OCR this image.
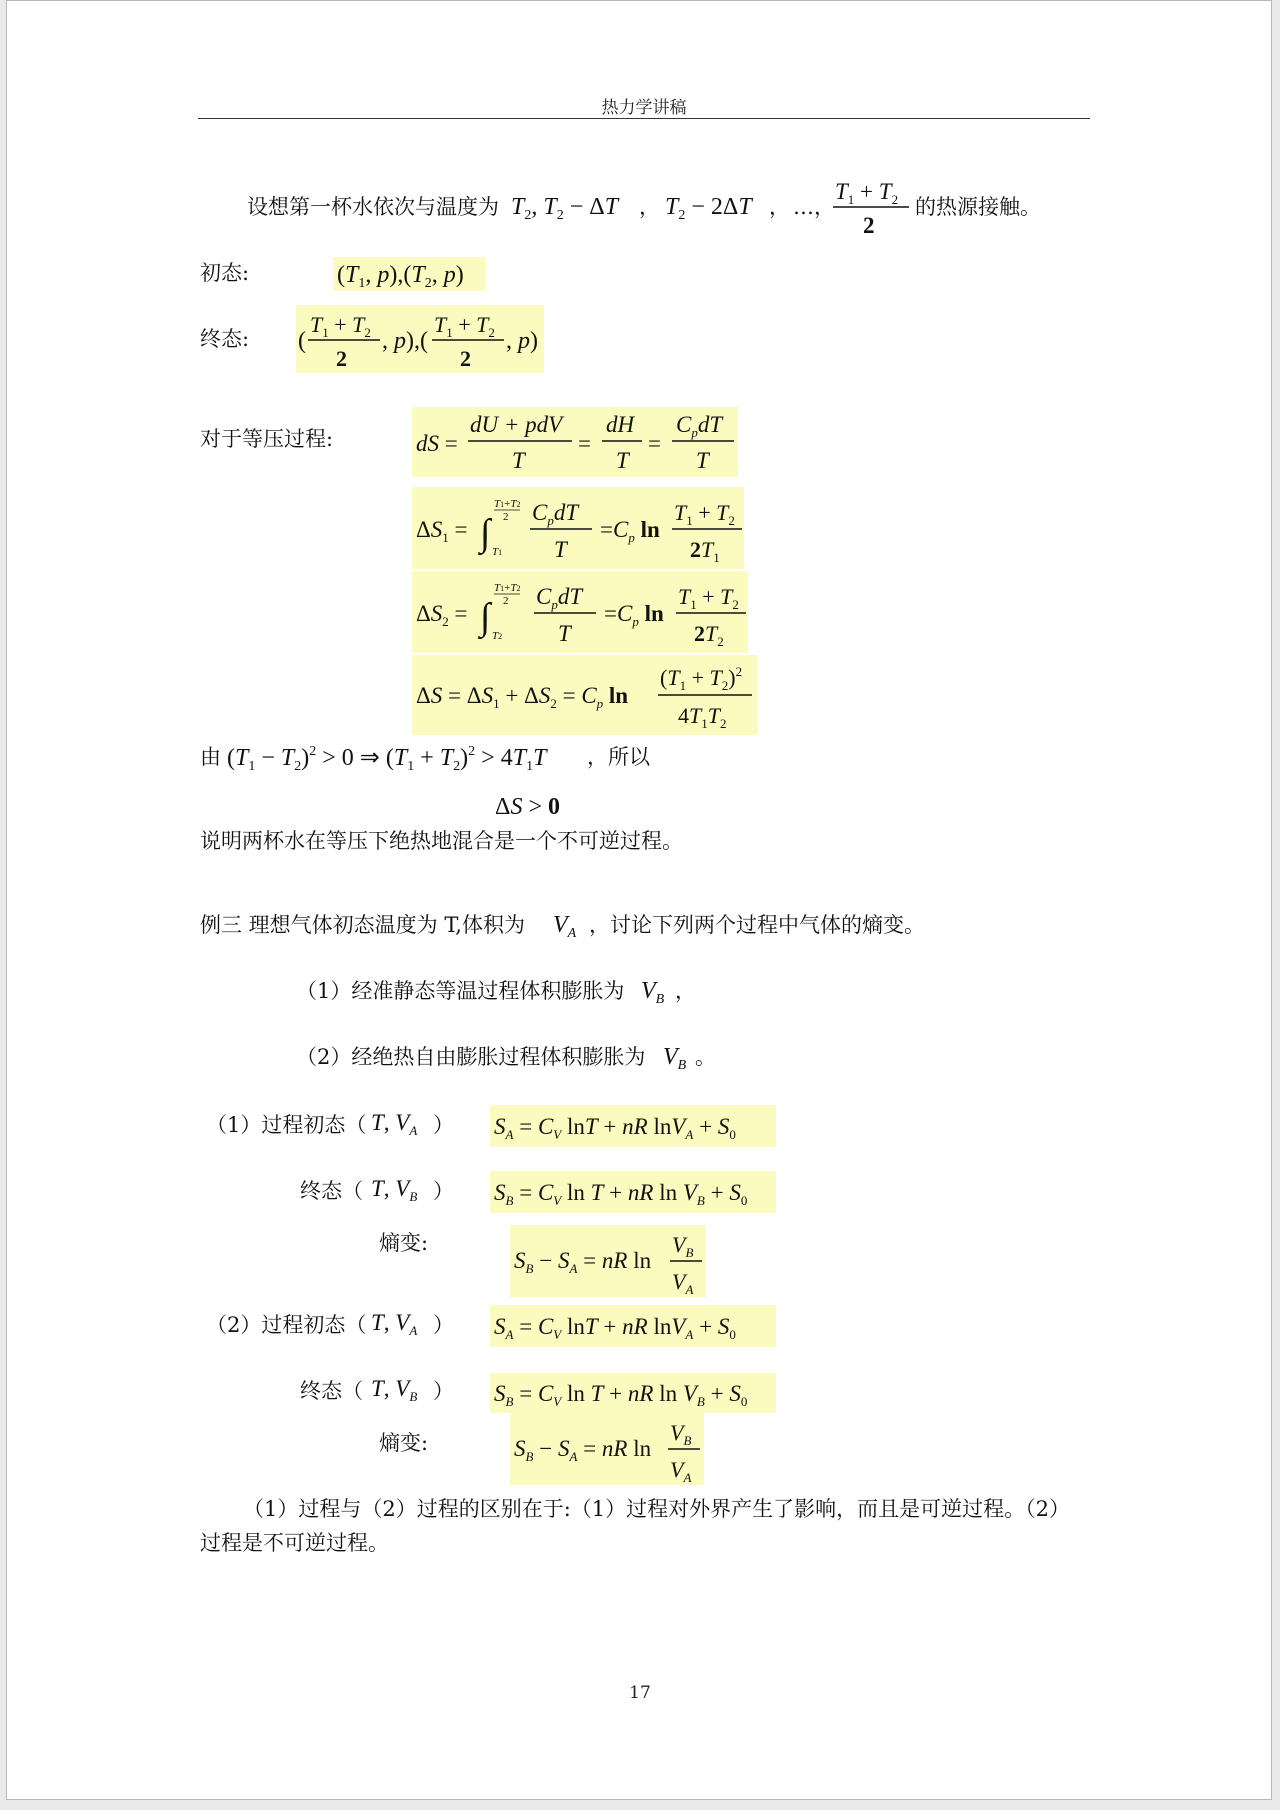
热力学讲稿
设想第一杯水依次与温度为 $T_2$, $T_2 - \Delta T$ ， $T_2 - 2\Delta T$ ， …，
$T_1 + T_2$
2
的热源接触。
初态:	($T_1$, $p),(T_2$, p)
终态: (
$T_1 + T_2$
2
, p),(
$T_1 + T_2$
2
, p)
对于等压过程:	dS =
dU + pdV
T
=
dH
T
=
$C_pdT$
T
$\Delta S_1$ = ∫
T1+T2
2
T1
$C_pdT$
T
$=C_p$ ln
$T_1 + T_2$
$2T_1$
$\Delta S_2$ = ∫
T1+T2
2
T2
$C_pdT$
T
$=C_p$ ln
$T_1 + T_2$
$2T_2$
$\Delta S = \Delta S_1 + \Delta S_2 = C_p$ ln
$(T_1 + T_2)^2$
$4T_1T_2$
由 $(T_1 - T_2)^2 > 0$ ⇒ $(T_1 + T_2)^2 > 4T_1T$ ，所以
ΔS > 0
说明两杯水在等压下绝热地混合是一个不可逆过程。
例三 理想气体初态温度为 T,体积为 $V_A$ ，讨论下列两个过程中气体的熵变。
（1）经准静态等温过程体积膨胀为 $V_B$ ，
（2）经绝热自由膨胀过程体积膨胀为 $V_B$ 。
（1）过程初态（ T, $V_A$ ） $S_A = C_V$ lnT + nR $\ln V_A + S_0$
终态（ T, $V_B$ ） $S_B = C_V$ ln T + nR $\ln V_B + S_0$
熵变:
$S_B - S_A$ = nR ln
$V_B$
$V_A$
（2）过程初态（ T, $V_A$ ） $S_A = C_V$ lnT + nR $\ln V_A + S_0$
终态（ T, $V_B$ ） $S_B = C_V$ ln T + nR $\ln V_B + S_0$
熵变:	$S_B - S_A$ = nR ln
$V_B$
$V_A$
（1）过程与（2）过程的区别在于:（1）过程对外界产生了影响，而且是可逆过程。（2）
过程是不可逆过程。
17
